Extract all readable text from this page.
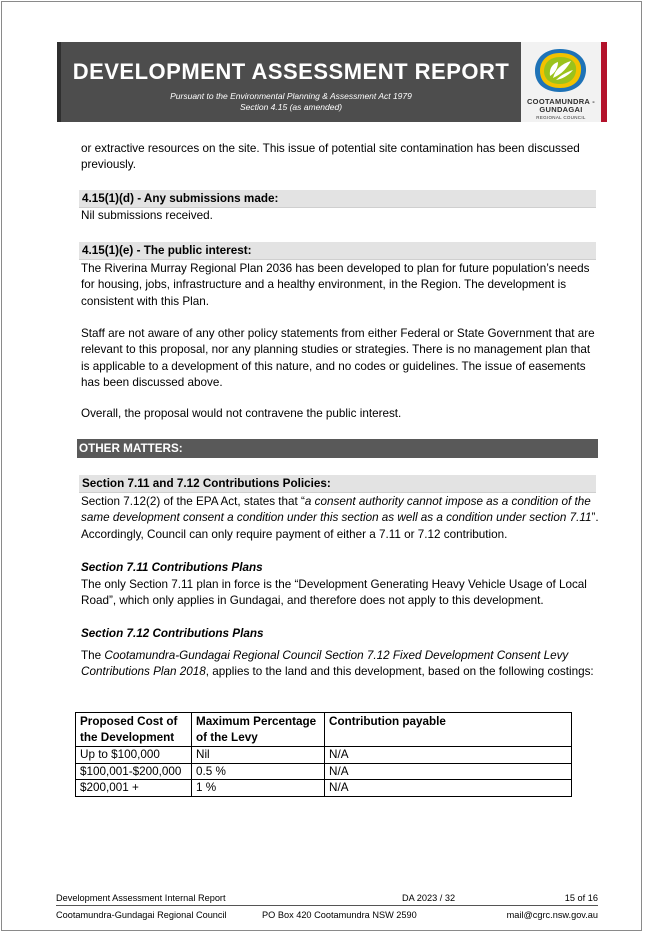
DEVELOPMENT ASSESSMENT REPORT
Pursuant to the Environmental Planning & Assessment Act 1979
Section 4.15 (as amended)
COOTAMUNDRA -
GUNDAGAI
REGIONAL COUNCIL

or extractive resources on the site. This issue of potential site contamination has been discussed previously.

4.15(1)(d) - Any submissions made:

Nil submissions received.

4.15(1)(e) - The public interest:

The Riverina Murray Regional Plan 2036 has been developed to plan for future population’s needs for housing, jobs, infrastructure and a healthy environment, in the Region. The development is consistent with this Plan.

Staff are not aware of any other policy statements from either Federal or State Government that are relevant to this proposal, nor any planning studies or strategies. There is no management plan that is applicable to a development of this nature, and no codes or guidelines. The issue of easements has been discussed above.

Overall, the proposal would not contravene the public interest.

OTHER MATTERS:
Section 7.11 and 7.12 Contributions Policies:

Section 7.12(2) of the EPA Act, states that “a consent authority cannot impose as a condition of the same development consent a condition under this section as well as a condition under section 7.11”. Accordingly, Council can only require payment of either a 7.11 or 7.12 contribution.

Section 7.11 Contributions Plans

The only Section 7.11 plan in force is the “Development Generating Heavy Vehicle Usage of Local Road”, which only applies in Gundagai, and therefore does not apply to this development.

Section 7.12 Contributions Plans

The Cootamundra-Gundagai Regional Council Section 7.12 Fixed Development Consent Levy Contributions Plan 2018, applies to the land and this development, based on the following costings:

Proposed Cost of the Development	Maximum Percentage of the Levy	Contribution payable
Up to $100,000	Nil	N/A
$100,001-$200,000	0.5 %	N/A
$200,001 +	1 %	N/A
Development Assessment Internal Report	DA 2023 / 32	15 of 16
Cootamundra-Gundagai Regional Council	PO Box 420 Cootamundra NSW 2590	mail@cgrc.nsw.gov.au
